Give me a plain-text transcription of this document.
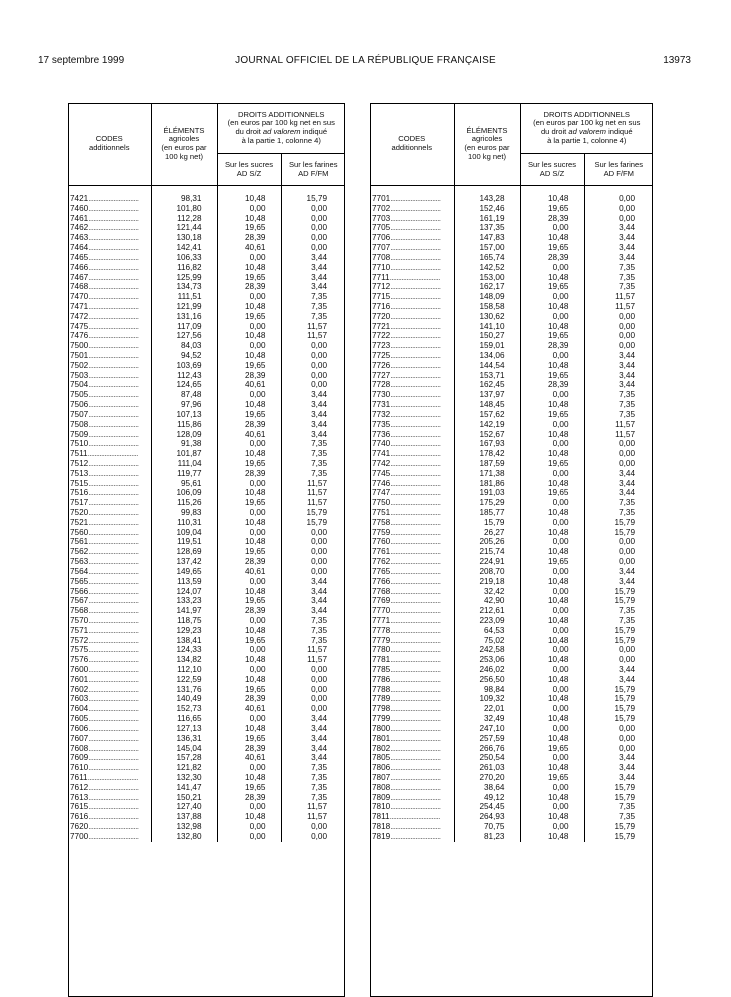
17 septembre 1999	JOURNAL OFFICIEL DE LA RÉPUBLIQUE FRANÇAISE	13973
CODES
additionnels	ÉLÉMENTS
agricoles
(en euros par
100 kg net)	DROITS ADDITIONNELS
(en euros par 100 kg net en sus
du droit ad valorem indiqué
à la partie 1, colonne 4)	
		Sur les sucres
AD S/Z	Sur les farines
AD F/FM

7421..............................	98,31	10,48	15,79
7460..............................	101,80	0,00	0,00
7461..............................	112,28	10,48	0,00
7462..............................	121,44	19,65	0,00
7463..............................	130,18	28,39	0,00
7464..............................	142,41	40,61	0,00
7465..............................	106,33	0,00	3,44
7466..............................	116,82	10,48	3,44
7467..............................	125,99	19,65	3,44
7468..............................	134,73	28,39	3,44
7470..............................	111,51	0,00	7,35
7471..............................	121,99	10,48	7,35
7472..............................	131,16	19,65	7,35
7475..............................	117,09	0,00	11,57
7476..............................	127,56	10,48	11,57
7500..............................	84,03	0,00	0,00
7501..............................	94,52	10,48	0,00
7502..............................	103,69	19,65	0,00
7503..............................	112,43	28,39	0,00
7504..............................	124,65	40,61	0,00
7505..............................	87,48	0,00	3,44
7506..............................	97,96	10,48	3,44
7507..............................	107,13	19,65	3,44
7508..............................	115,86	28,39	3,44
7509..............................	128,09	40,61	3,44
7510..............................	91,38	0,00	7,35
7511..............................	101,87	10,48	7,35
7512..............................	111,04	19,65	7,35
7513..............................	119,77	28,39	7,35
7515..............................	95,61	0,00	11,57
7516..............................	106,09	10,48	11,57
7517..............................	115,26	19,65	11,57
7520..............................	99,83	0,00	15,79
7521..............................	110,31	10,48	15,79
7560..............................	109,04	0,00	0,00
7561..............................	119,51	10,48	0,00
7562..............................	128,69	19,65	0,00
7563..............................	137,42	28,39	0,00
7564..............................	149,65	40,61	0,00
7565..............................	113,59	0,00	3,44
7566..............................	124,07	10,48	3,44
7567..............................	133,23	19,65	3,44
7568..............................	141,97	28,39	3,44
7570..............................	118,75	0,00	7,35
7571..............................	129,23	10,48	7,35
7572..............................	138,41	19,65	7,35
7575..............................	124,33	0,00	11,57
7576..............................	134,82	10,48	11,57
7600..............................	112,10	0,00	0,00
7601..............................	122,59	10,48	0,00
7602..............................	131,76	19,65	0,00
7603..............................	140,49	28,39	0,00
7604..............................	152,73	40,61	0,00
7605..............................	116,65	0,00	3,44
7606..............................	127,13	10,48	3,44
7607..............................	136,31	19,65	3,44
7608..............................	145,04	28,39	3,44
7609..............................	157,28	40,61	3,44
7610..............................	121,82	0,00	7,35
7611..............................	132,30	10,48	7,35
7612..............................	141,47	19,65	7,35
7613..............................	150,21	28,39	7,35
7615..............................	127,40	0,00	11,57
7616..............................	137,88	10,48	11,57
7620..............................	132,98	0,00	0,00
7700..............................	132,80	0,00	0,00
CODES
additionnels	ÉLÉMENTS
agricoles
(en euros par
100 kg net)	DROITS ADDITIONNELS
(en euros par 100 kg net en sus
du droit ad valorem indiqué
à la partie 1, colonne 4)	
		Sur les sucres
AD S/Z	Sur les farines
AD F/FM

7701..............................	143,28	10,48	0,00
7702..............................	152,46	19,65	0,00
7703..............................	161,19	28,39	0,00
7705..............................	137,35	0,00	3,44
7706..............................	147,83	10,48	3,44
7707..............................	157,00	19,65	3,44
7708..............................	165,74	28,39	3,44
7710..............................	142,52	0,00	7,35
7711..............................	153,00	10,48	7,35
7712..............................	162,17	19,65	7,35
7715..............................	148,09	0,00	11,57
7716..............................	158,58	10,48	11,57
7720..............................	130,62	0,00	0,00
7721..............................	141,10	10,48	0,00
7722..............................	150,27	19,65	0,00
7723..............................	159,01	28,39	0,00
7725..............................	134,06	0,00	3,44
7726..............................	144,54	10,48	3,44
7727..............................	153,71	19,65	3,44
7728..............................	162,45	28,39	3,44
7730..............................	137,97	0,00	7,35
7731..............................	148,45	10,48	7,35
7732..............................	157,62	19,65	7,35
7735..............................	142,19	0,00	11,57
7736..............................	152,67	10,48	11,57
7740..............................	167,93	0,00	0,00
7741..............................	178,42	10,48	0,00
7742..............................	187,59	19,65	0,00
7745..............................	171,38	0,00	3,44
7746..............................	181,86	10,48	3,44
7747..............................	191,03	19,65	3,44
7750..............................	175,29	0,00	7,35
7751..............................	185,77	10,48	7,35
7758..............................	15,79	0,00	15,79
7759..............................	26,27	10,48	15,79
7760..............................	205,26	0,00	0,00
7761..............................	215,74	10,48	0,00
7762..............................	224,91	19,65	0,00
7765..............................	208,70	0,00	3,44
7766..............................	219,18	10,48	3,44
7768..............................	32,42	0,00	15,79
7769..............................	42,90	10,48	15,79
7770..............................	212,61	0,00	7,35
7771..............................	223,09	10,48	7,35
7778..............................	64,53	0,00	15,79
7779..............................	75,02	10,48	15,79
7780..............................	242,58	0,00	0,00
7781..............................	253,06	10,48	0,00
7785..............................	246,02	0,00	3,44
7786..............................	256,50	10,48	3,44
7788..............................	98,84	0,00	15,79
7789..............................	109,32	10,48	15,79
7798..............................	22,01	0,00	15,79
7799..............................	32,49	10,48	15,79
7800..............................	247,10	0,00	0,00
7801..............................	257,59	10,48	0,00
7802..............................	266,76	19,65	0,00
7805..............................	250,54	0,00	3,44
7806..............................	261,03	10,48	3,44
7807..............................	270,20	19,65	3,44
7808..............................	38,64	0,00	15,79
7809..............................	49,12	10,48	15,79
7810..............................	254,45	0,00	7,35
7811..............................	264,93	10,48	7,35
7818..............................	70,75	0,00	15,79
7819..............................	81,23	10,48	15,79
